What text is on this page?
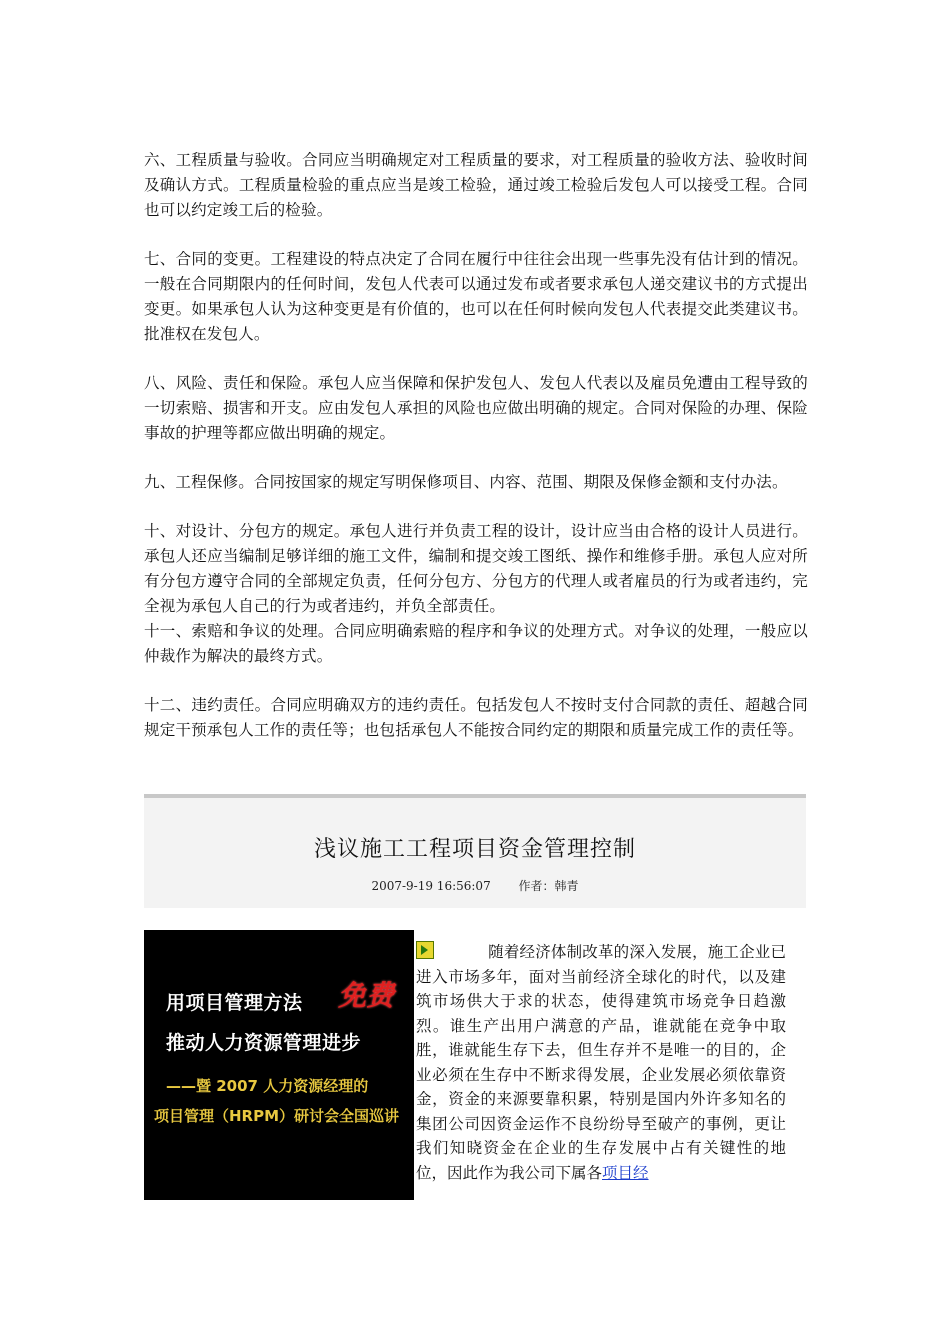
六、工程质量与验收。合同应当明确规定对工程质量的要求，对工程质量的验收方法、验收时间及确认方式。工程质量检验的重点应当是竣工检验，通过竣工检验后发包人可以接受工程。合同也可以约定竣工后的检验。

七、合同的变更。工程建设的特点决定了合同在履行中往往会出现一些事先没有估计到的情况。一般在合同期限内的任何时间，发包人代表可以通过发布或者要求承包人递交建议书的方式提出变更。如果承包人认为这种变更是有价值的，也可以在任何时候向发包人代表提交此类建议书。批准权在发包人。

八、风险、责任和保险。承包人应当保障和保护发包人、发包人代表以及雇员免遭由工程导致的一切索赔、损害和开支。应由发包人承担的风险也应做出明确的规定。合同对保险的办理、保险事故的护理等都应做出明确的规定。

九、工程保修。合同按国家的规定写明保修项目、内容、范围、期限及保修金额和支付办法。

十、对设计、分包方的规定。承包人进行并负责工程的设计，设计应当由合格的设计人员进行。承包人还应当编制足够详细的施工文件，编制和提交竣工图纸、操作和维修手册。承包人应对所有分包方遵守合同的全部规定负责，任何分包方、分包方的代理人或者雇员的行为或者违约，完全视为承包人自己的行为或者违约，并负全部责任。

十一、索赔和争议的处理。合同应明确索赔的程序和争议的处理方式。对争议的处理，一般应以仲裁作为解决的最终方式。

十二、违约责任。合同应明确双方的违约责任。包括发包人不按时支付合同款的责任、超越合同规定干预承包人工作的责任等；也包括承包人不能按合同约定的期限和质量完成工作的责任等。

浅议施工工程项目资金管理控制
2007-9-19 16:56:07 作者：韩青
用项目管理方法 免费
推动人力资源管理进步
——暨 2007 人力资源经理的
项目管理（HRPM）研讨会全国巡讲

随着经济体制改革的深入发展，施工企业已进入市场多年，面对当前经济全球化的时代，以及建筑市场供大于求的状态，使得建筑市场竞争日趋激烈。谁生产出用户满意的产品，谁就能在竞争中取胜，谁就能生存下去，但生存并不是唯一的目的，企业必须在生存中不断求得发展，企业发展必须依靠资金，资金的来源要靠积累，特别是国内外许多知名的集团公司因资金运作不良纷纷导至破产的事例，更让我们知晓资金在企业的生存发展中占有关键性的地位，因此作为我公司下属各项目经
